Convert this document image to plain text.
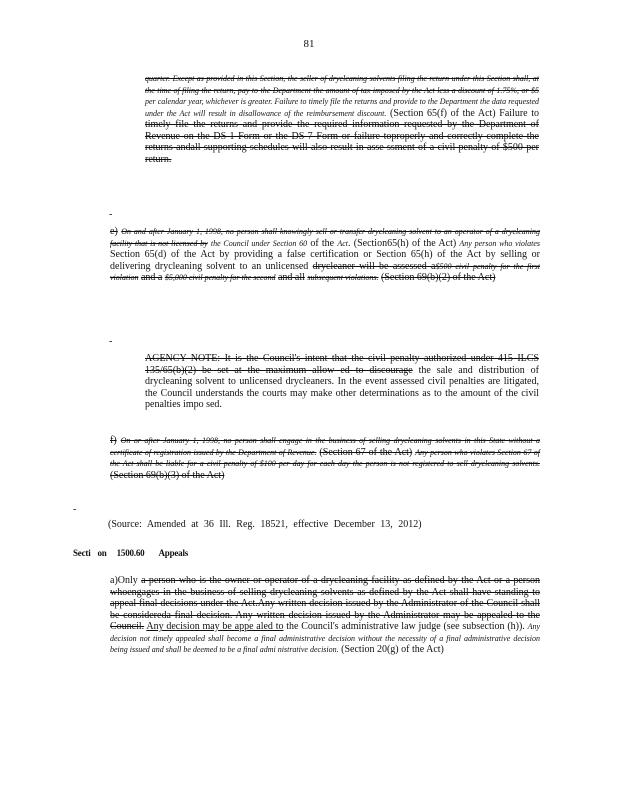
81

quarter. Except as provided in this Section, the seller of drycleaning solvents filing the return under this Section shall, at the time of filing the return, pay to the Department the amount of tax imposed by the Act less a discount of 1.75%, or $5 per calendar year, whichever is greater. Failure to timely file the returns and provide to the Department the data requested under the Act will result in disallowance of the reimbursement discount. (Section 65(f) of the Act) Failure to timely file the returns and provide the required information requested by the Department of Revenue on the DS-1 Form or the DS-7 Form or failure toproperly and correctly complete the returns andall supporting schedules will also result in asse ssment of a civil penalty of $500 per return.

-

e) On and after January 1, 1998, no person shall knowingly sell or transfer drycleaning solvent to an operator of a drycleaning facility that is not licensed by the Council under Section 60 of the Act. (Section65(h) of the Act) Any person who violates Section 65(d) of the Act by providing a false certification or Section 65(h) of the Act by selling or delivering drycleaning solvent to an unlicensed drycleaner will be assessed a$500 civil penalty for the first violation and a $5,000 civil penalty for the second and all subsequent violations. (Section 69(b)(2) of the Act)

-

AGENCY NOTE: It is the Council's intent that the civil penalty authorized under 415 ILCS 135/65(b)(2) be set at the maximum allow ed to discourage the sale and distribution of drycleaning solvent to unlicensed drycleaners. In the event assessed civil penalties are litigated, the Council understands the courts may make other determinations as to the amount of the civil penalties impo sed.

f) On or after January 1, 1998, no person shall engage in the business of selling drycleaning solvents in this State without a certificate of registration issued by the Department of Revenue. (Section 67 of the Act) Any person who violates Section 67 of the Act shall be liable for a civil penalty of $100 per day for each day the person is not registered to sell drycleaning solvents. (Section 69(b)(3) of the Act)

-
(Source: Amended at 36 Ill. Reg. 18521, effective December 13, 2012)
Secti on 1500.60 Appeals

a)Only a person who is the owner or operator of a drycleaning facility as defined by the Act or a person whoengages in the business of selling drycleaning solvents as defined by the Act shall have standing to appeal final decisions under the Act.Any written decision issued by the Administrator of the Council shall be considereda final decision. Any written decision issued by the Administrator may be appealed to the Council. Any decision may be appe aled to the Council's administrative law judge (see subsection (h)). Any decision not timely appealed shall become a final administrative decision without the necessity of a final administrative decision being issued and shall be deemed to be a final admi nistrative decision. (Section 20(g) of the Act)
